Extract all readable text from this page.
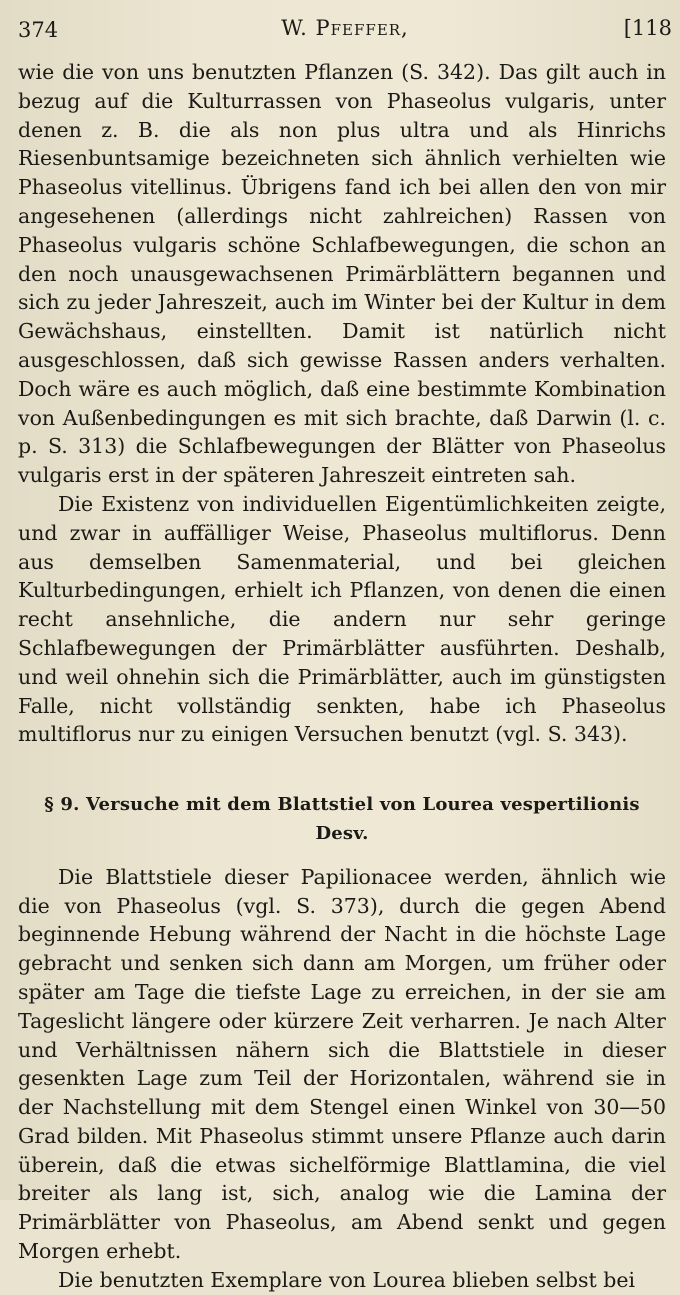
374	W. Pfeffer,	[118

wie die von uns benutzten Pflanzen (S. 342). Das gilt auch in bezug auf die Kulturrassen von Phaseolus vulgaris, unter denen z. B. die als non plus ultra und als Hinrichs Riesenbuntsamige bezeichneten sich ähnlich verhielten wie Phaseolus vitellinus. Übrigens fand ich bei allen den von mir angesehenen (allerdings nicht zahlreichen) Rassen von Phaseolus vulgaris schöne Schlafbewegungen, die schon an den noch unausgewachsenen Primärblättern begannen und sich zu jeder Jahreszeit, auch im Winter bei der Kultur in dem Gewächshaus, einstellten. Damit ist natürlich nicht ausgeschlossen, daß sich gewisse Rassen anders verhalten. Doch wäre es auch möglich, daß eine bestimmte Kombination von Außenbedingungen es mit sich brachte, daß Darwin (l. c. p. S. 313) die Schlafbewegungen der Blätter von Phaseolus vulgaris erst in der späteren Jahreszeit eintreten sah.

Die Existenz von individuellen Eigentümlichkeiten zeigte, und zwar in auffälliger Weise, Phaseolus multiflorus. Denn aus demselben Samenmaterial, und bei gleichen Kulturbedingungen, erhielt ich Pflanzen, von denen die einen recht ansehnliche, die andern nur sehr geringe Schlafbewegungen der Primärblätter ausführten. Deshalb, und weil ohnehin sich die Primärblätter, auch im günstigsten Falle, nicht vollständig senkten, habe ich Phaseolus multiflorus nur zu einigen Versuchen benutzt (vgl. S. 343).

§ 9. Versuche mit dem Blattstiel von Lourea vespertilionis Desv.

Die Blattstiele dieser Papilionacee werden, ähnlich wie die von Phaseolus (vgl. S. 373), durch die gegen Abend beginnende Hebung während der Nacht in die höchste Lage gebracht und senken sich dann am Morgen, um früher oder später am Tage die tiefste Lage zu erreichen, in der sie am Tageslicht längere oder kürzere Zeit verharren. Je nach Alter und Verhältnissen nähern sich die Blattstiele in dieser gesenkten Lage zum Teil der Horizontalen, während sie in der Nachstellung mit dem Stengel einen Winkel von 30—50 Grad bilden. Mit Phaseolus stimmt unsere Pflanze auch darin überein, daß die etwas sichelförmige Blattlamina, die viel breiter als lang ist, sich, analog wie die Lamina der Primärblätter von Phaseolus, am Abend senkt und gegen Morgen erhebt.

Die benutzten Exemplare von Lourea blieben selbst bei
